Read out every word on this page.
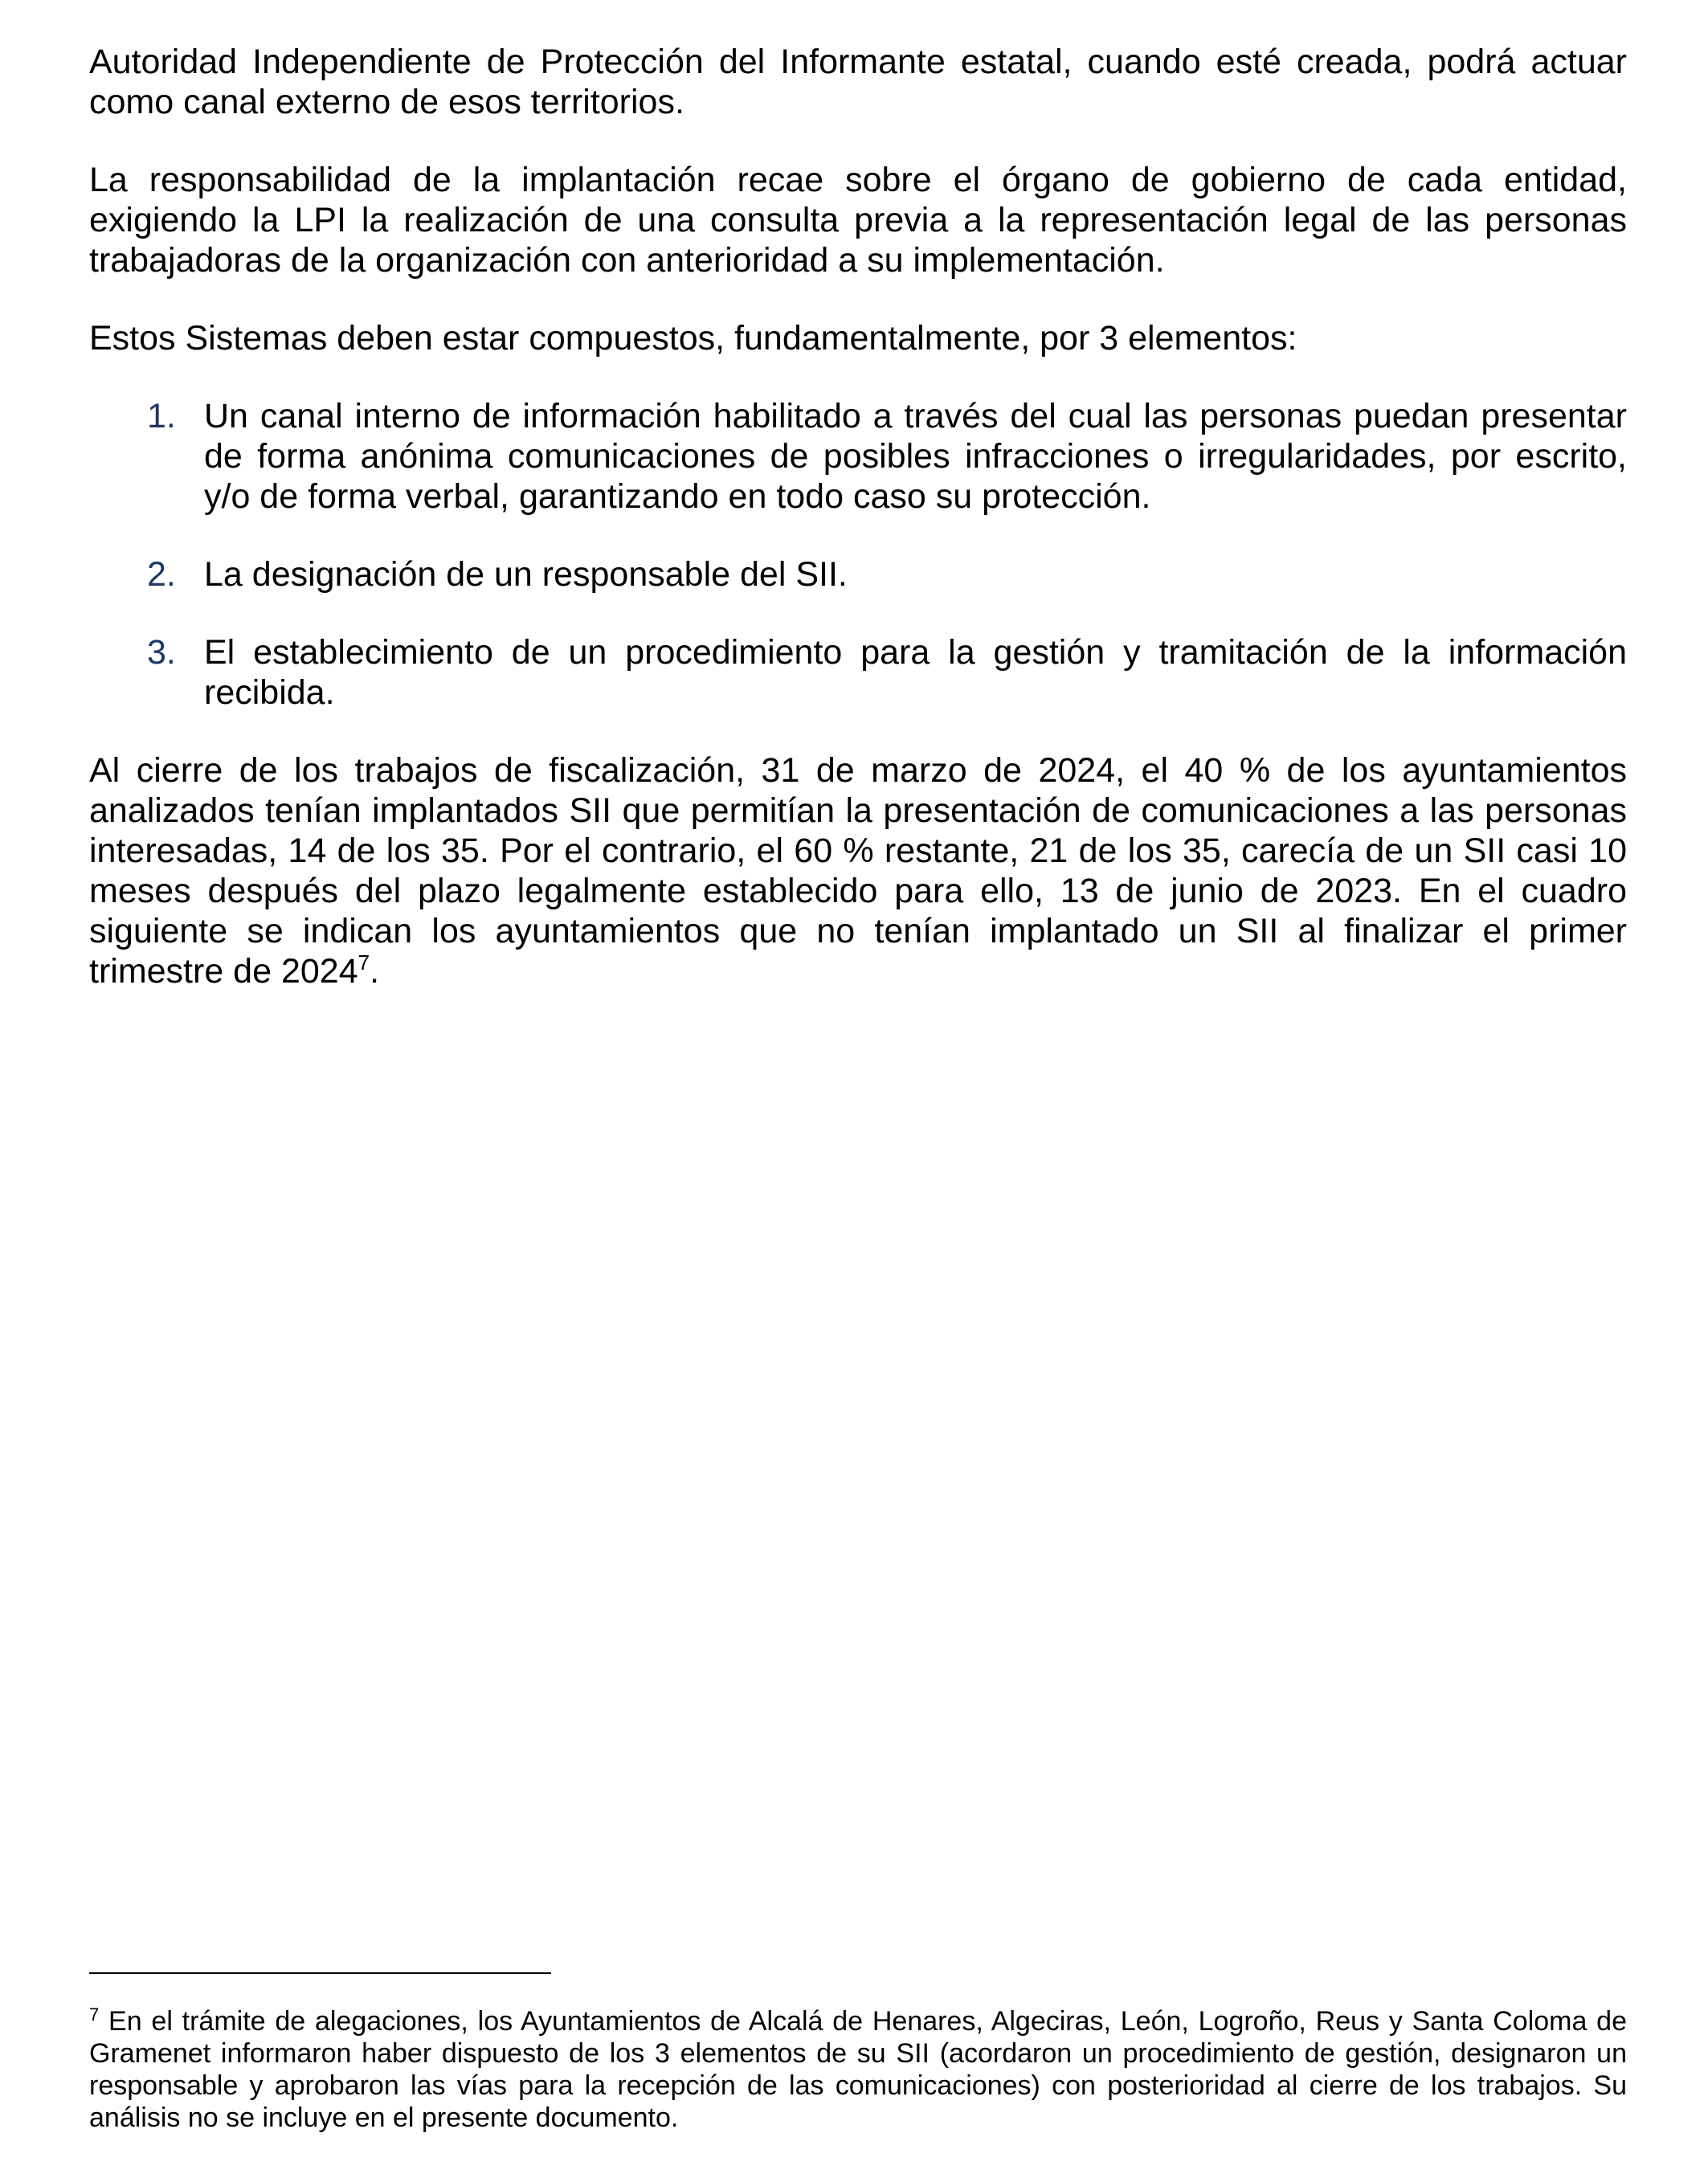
Autoridad Independiente de Protección del Informante estatal, cuando esté creada, podrá actuar como canal externo de esos territorios.

La responsabilidad de la implantación recae sobre el órgano de gobierno de cada entidad, exigiendo la LPI la realización de una consulta previa a la representación legal de las personas trabajadoras de la organización con anterioridad a su implementación.

Estos Sistemas deben estar compuestos, fundamentalmente, por 3 elementos:

1. Un canal interno de información habilitado a través del cual las personas puedan presentar de forma anónima comunicaciones de posibles infracciones o irregularidades, por escrito, y/o de forma verbal, garantizando en todo caso su protección.
2. La designación de un responsable del SII.
3. El establecimiento de un procedimiento para la gestión y tramitación de la información recibida.

Al cierre de los trabajos de fiscalización, 31 de marzo de 2024, el 40 % de los ayuntamientos analizados tenían implantados SII que permitían la presentación de comunicaciones a las personas interesadas, 14 de los 35. Por el contrario, el 60 % restante, 21 de los 35, carecía de un SII casi 10 meses después del plazo legalmente establecido para ello, 13 de junio de 2023. En el cuadro siguiente se indican los ayuntamientos que no tenían implantado un SII al finalizar el primer trimestre de 2024$^7$.

$^7$ En el trámite de alegaciones, los Ayuntamientos de Alcalá de Henares, Algeciras, León, Logroño, Reus y Santa Coloma de Gramenet informaron haber dispuesto de los 3 elementos de su SII (acordaron un procedimiento de gestión, designaron un responsable y aprobaron las vías para la recepción de las comunicaciones) con posterioridad al cierre de los trabajos. Su análisis no se incluye en el presente documento.
